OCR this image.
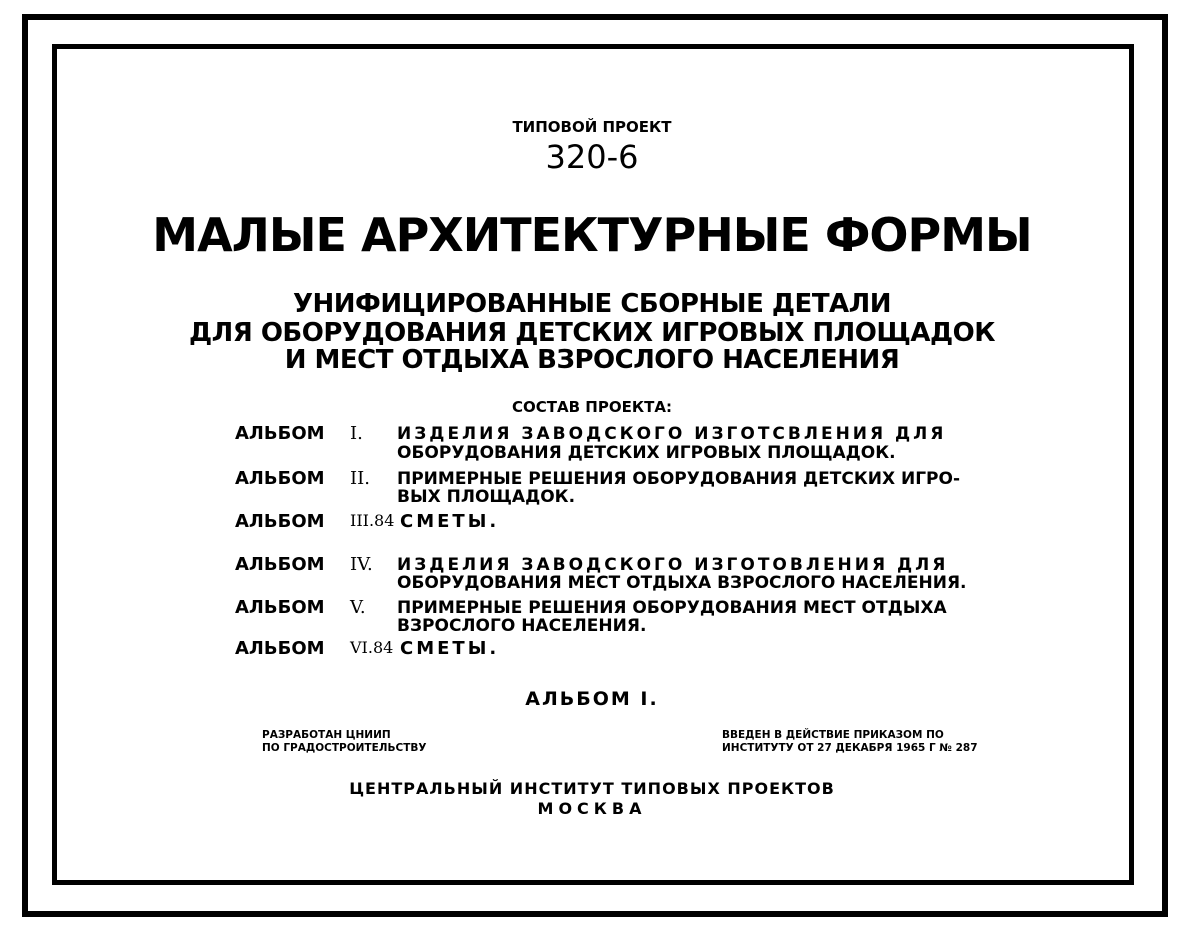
ТИПОВОЙ ПРОЕКТ
320-6
МАЛЫЕ АРХИТЕКТУРНЫЕ ФОРМЫ
УНИФИЦИРОВАННЫЕ СБОРНЫЕ ДЕТАЛИ
ДЛЯ ОБОРУДОВАНИЯ ДЕТСКИХ ИГРОВЫХ ПЛОЩАДОК
И МЕСТ ОТДЫХА ВЗРОСЛОГО НАСЕЛЕНИЯ
СОСТАВ ПРОЕКТА:
АЛЬБОМ I. ИЗДЕЛИЯ ЗАВОДСКОГО ИЗГОТСВЛЕНИЯ ДЛЯ
ОБОРУДОВАНИЯ ДЕТСКИХ ИГРОВЫХ ПЛОЩАДОК.
АЛЬБОМ II. ПРИМЕРНЫЕ РЕШЕНИЯ ОБОРУДОВАНИЯ ДЕТСКИХ ИГРО-
ВЫХ ПЛОЩАДОК.
АЛЬБОМ III.84 СМЕТЫ.
АЛЬБОМ IV. ИЗДЕЛИЯ ЗАВОДСКОГО ИЗГОТОВЛЕНИЯ ДЛЯ
ОБОРУДОВАНИЯ МЕСТ ОТДЫХА ВЗРОСЛОГО НАСЕЛЕНИЯ.
АЛЬБОМ V. ПРИМЕРНЫЕ РЕШЕНИЯ ОБОРУДОВАНИЯ МЕСТ ОТДЫХА
ВЗРОСЛОГО НАСЕЛЕНИЯ.
АЛЬБОМ VI.84 СМЕТЫ.
АЛЬБОМ I.
РАЗРАБОТАН ЦНИИП
ПО ГРАДОСТРОИТЕЛЬСТВУ
ВВЕДЕН В ДЕЙСТВИЕ ПРИКАЗОМ ПО
ИНСТИТУТУ ОТ 27 ДЕКАБРЯ 1965 Г № 287
ЦЕНТРАЛЬНЫЙ ИНСТИТУТ ТИПОВЫХ ПРОЕКТОВ
МОСКВА
